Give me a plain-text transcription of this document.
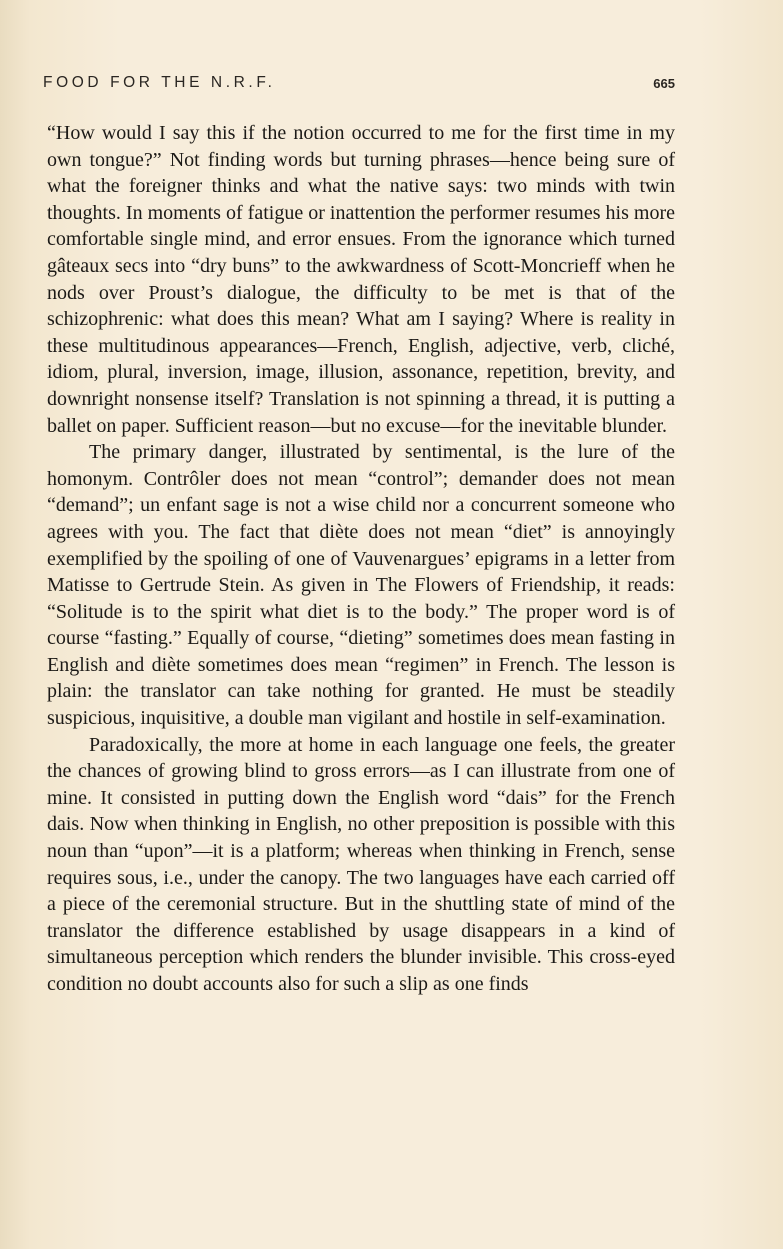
FOOD FOR THE N.R.F.	665

“How would I say this if the notion occurred to me for the first time in my own tongue?” Not finding words but turning phrases—hence being sure of what the foreigner thinks and what the native says: two minds with twin thoughts. In moments of fatigue or inattention the performer resumes his more comfortable single mind, and error ensues. From the ignorance which turned gâteaux secs into “dry buns” to the awkwardness of Scott-Moncrieff when he nods over Proust’s dialogue, the difficulty to be met is that of the schizophrenic: what does this mean? What am I saying? Where is reality in these multitudinous appearances—French, English, adjective, verb, cliché, idiom, plural, inversion, image, illusion, assonance, repetition, brevity, and downright nonsense itself? Translation is not spinning a thread, it is putting a ballet on paper. Sufficient reason—but no excuse—for the inevitable blunder.

The primary danger, illustrated by sentimental, is the lure of the homonym. Contrôler does not mean “control”; demander does not mean “demand”; un enfant sage is not a wise child nor a concurrent someone who agrees with you. The fact that diète does not mean “diet” is annoyingly exemplified by the spoiling of one of Vauvenargues’ epigrams in a letter from Matisse to Gertrude Stein. As given in The Flowers of Friendship, it reads: “Solitude is to the spirit what diet is to the body.” The proper word is of course “fasting.” Equally of course, “dieting” sometimes does mean fasting in English and diète sometimes does mean “regimen” in French. The lesson is plain: the translator can take nothing for granted. He must be steadily suspicious, inquisitive, a double man vigilant and hostile in self-examination.

Paradoxically, the more at home in each language one feels, the greater the chances of growing blind to gross errors—as I can illustrate from one of mine. It consisted in putting down the English word “dais” for the French dais. Now when thinking in English, no other preposition is possible with this noun than “upon”—it is a platform; whereas when thinking in French, sense requires sous, i.e., under the canopy. The two languages have each carried off a piece of the ceremonial structure. But in the shuttling state of mind of the translator the difference established by usage disappears in a kind of simultaneous perception which renders the blunder invisible. This cross-eyed condition no doubt accounts also for such a slip as one finds
